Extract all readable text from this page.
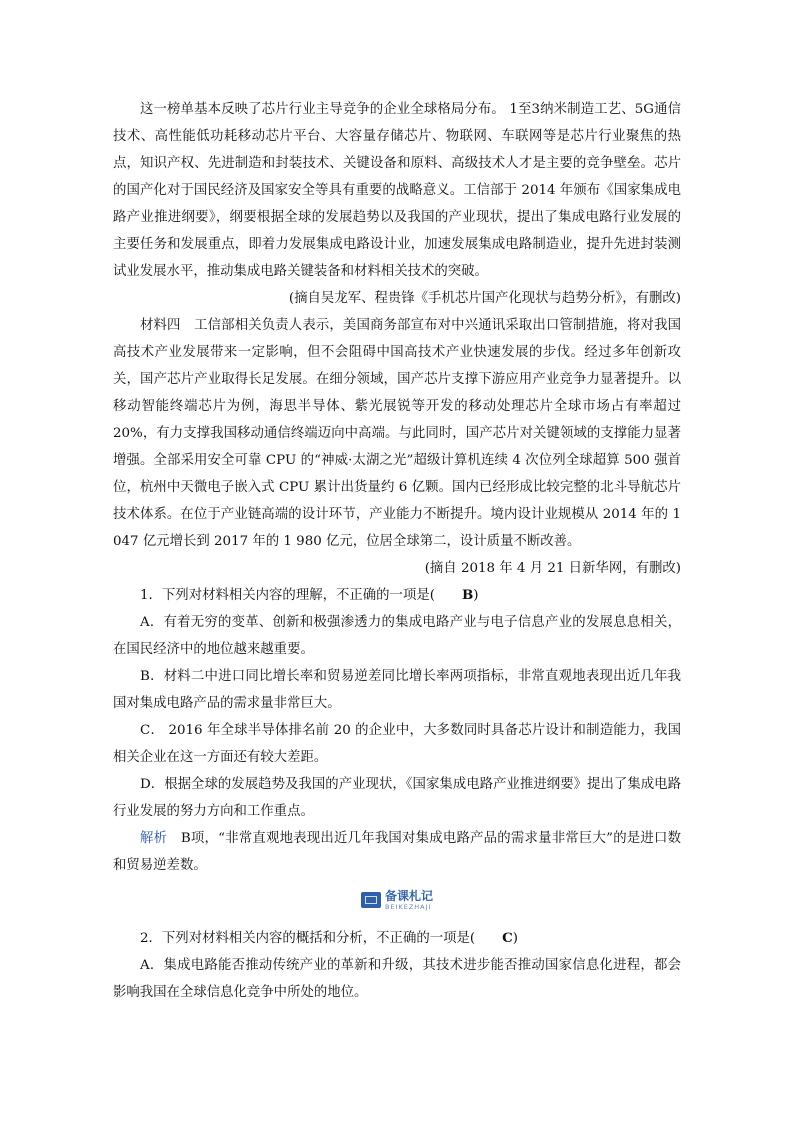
这一榜单基本反映了芯片行业主导竞争的企业全球格局分布。 1至3纳米制造工艺、5G通信技术、高性能低功耗移动芯片平台、大容量存储芯片、物联网、车联网等是芯片行业聚焦的热点，知识产权、先进制造和封装技术、关键设备和原料、高级技术人才是主要的竞争壁垒。芯片的国产化对于国民经济及国家安全等具有重要的战略意义。工信部于 2014 年颁布《国家集成电路产业推进纲要》，纲要根据全球的发展趋势以及我国的产业现状，提出了集成电路行业发展的主要任务和发展重点，即着力发展集成电路设计业，加速发展集成电路制造业，提升先进封装测试业发展水平，推动集成电路关键装备和材料相关技术的突破。

(摘自吴龙军、程贵锋《手机芯片国产化现状与趋势分析》，有删改)

材料四　工信部相关负责人表示，美国商务部宣布对中兴通讯采取出口管制措施，将对我国高技术产业发展带来一定影响，但不会阻碍中国高技术产业快速发展的步伐。经过多年创新攻关，国产芯片产业取得长足发展。在细分领域，国产芯片支撑下游应用产业竞争力显著提升。以移动智能终端芯片为例，海思半导体、紫光展锐等开发的移动处理芯片全球市场占有率超过 20%，有力支撑我国移动通信终端迈向中高端。与此同时，国产芯片对关键领域的支撑能力显著增强。全部采用安全可靠 CPU 的“神威·太湖之光”超级计算机连续 4 次位列全球超算 500 强首位，杭州中天微电子嵌入式 CPU 累计出货量约 6 亿颗。国内已经形成比较完整的北斗导航芯片技术体系。在位于产业链高端的设计环节，产业能力不断提升。境内设计业规模从 2014 年的 1 047 亿元增长到 2017 年的 1 980 亿元，位居全球第二，设计质量不断改善。

(摘自 2018 年 4 月 21 日新华网，有删改)

1．下列对材料相关内容的理解，不正确的一项是( B)

A．有着无穷的变革、创新和极强渗透力的集成电路产业与电子信息产业的发展息息相关，在国民经济中的地位越来越重要。

B．材料二中进口同比增长率和贸易逆差同比增长率两项指标，非常直观地表现出近几年我国对集成电路产品的需求量非常巨大。

C． 2016 年全球半导体排名前 20 的企业中，大多数同时具备芯片设计和制造能力，我国相关企业在这一方面还有较大差距。

D．根据全球的发展趋势及我国的产业现状，《国家集成电路产业推进纲要》提出了集成电路行业发展的努力方向和工作重点。

解析　B项，“非常直观地表现出近几年我国对集成电路产品的需求量非常巨大”的是进口数和贸易逆差数。

备课札记
BEIKEZHAJI

2．下列对材料相关内容的概括和分析，不正确的一项是( C)

A．集成电路能否推动传统产业的革新和升级，其技术进步能否推动国家信息化进程，都会影响我国在全球信息化竞争中所处的地位。
